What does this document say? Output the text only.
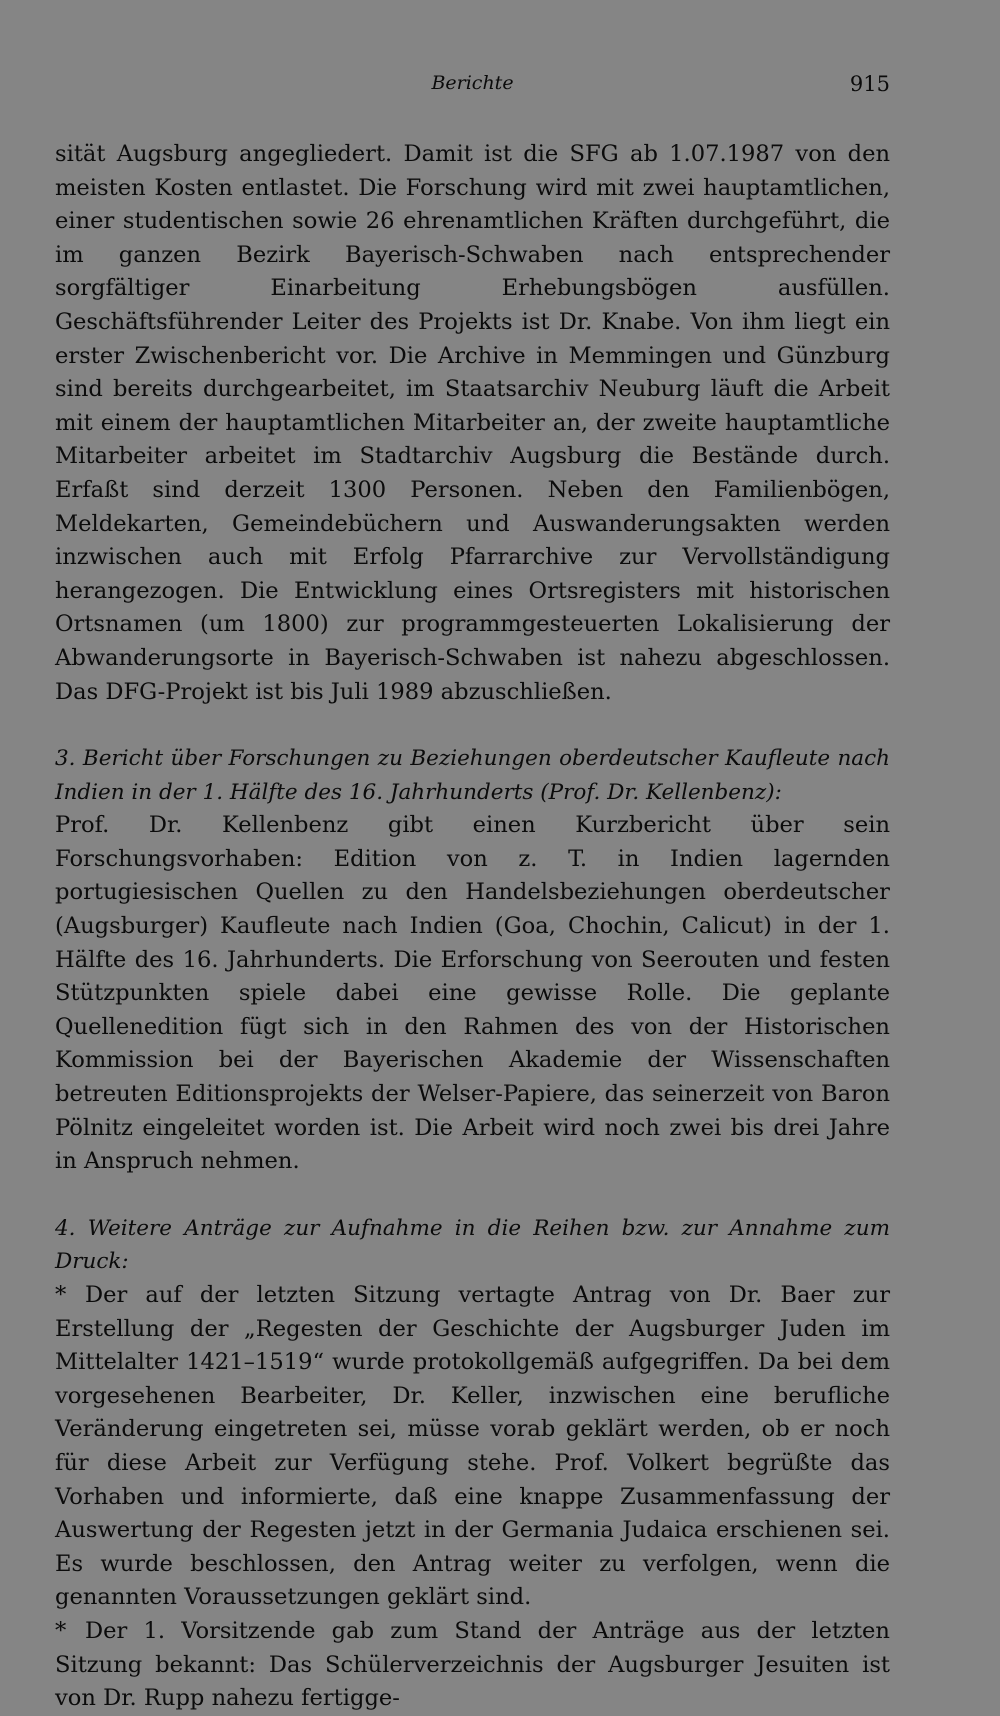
Berichte	915

sität Augsburg angegliedert. Damit ist die SFG ab 1.07.1987 von den meisten Kosten entlastet. Die Forschung wird mit zwei hauptamtlichen, einer studentischen sowie 26 ehrenamtlichen Kräften durchgeführt, die im ganzen Bezirk Bayerisch-Schwaben nach entsprechender sorgfältiger Einarbeitung Erhebungsbögen ausfüllen. Geschäftsführender Leiter des Projekts ist Dr. Knabe. Von ihm liegt ein erster Zwischenbericht vor. Die Archive in Memmingen und Günzburg sind bereits durchgearbeitet, im Staatsarchiv Neuburg läuft die Arbeit mit einem der hauptamtlichen Mitarbeiter an, der zweite hauptamtliche Mitarbeiter arbeitet im Stadtarchiv Augsburg die Bestände durch. Erfaßt sind derzeit 1300 Personen. Neben den Familienbögen, Meldekarten, Gemeindebüchern und Auswanderungsakten werden inzwischen auch mit Erfolg Pfarrarchive zur Vervollständigung herangezogen. Die Entwicklung eines Ortsregisters mit historischen Ortsnamen (um 1800) zur programmgesteuerten Lokalisierung der Abwanderungsorte in Bayerisch-Schwaben ist nahezu abgeschlossen. Das DFG-Projekt ist bis Juli 1989 abzuschließen.

3. Bericht über Forschungen zu Beziehungen oberdeutscher Kaufleute nach Indien in der 1. Hälfte des 16. Jahrhunderts (Prof. Dr. Kellenbenz):

Prof. Dr. Kellenbenz gibt einen Kurzbericht über sein Forschungsvorhaben: Edition von z. T. in Indien lagernden portugiesischen Quellen zu den Handelsbeziehungen oberdeutscher (Augsburger) Kaufleute nach Indien (Goa, Chochin, Calicut) in der 1. Hälfte des 16. Jahrhunderts. Die Erforschung von Seerouten und festen Stützpunkten spiele dabei eine gewisse Rolle. Die geplante Quellenedition fügt sich in den Rahmen des von der Historischen Kommission bei der Bayerischen Akademie der Wissenschaften betreuten Editionsprojekts der Welser-Papiere, das seinerzeit von Baron Pölnitz eingeleitet worden ist. Die Arbeit wird noch zwei bis drei Jahre in Anspruch nehmen.

4. Weitere Anträge zur Aufnahme in die Reihen bzw. zur Annahme zum Druck:

* Der auf der letzten Sitzung vertagte Antrag von Dr. Baer zur Erstellung der „Regesten der Geschichte der Augsburger Juden im Mittelalter 1421–1519“ wurde protokollgemäß aufgegriffen. Da bei dem vorgesehenen Bearbeiter, Dr. Keller, inzwischen eine berufliche Veränderung eingetreten sei, müsse vorab geklärt werden, ob er noch für diese Arbeit zur Verfügung stehe. Prof. Volkert begrüßte das Vorhaben und informierte, daß eine knappe Zusammenfassung der Auswertung der Regesten jetzt in der Germania Judaica erschienen sei. Es wurde beschlossen, den Antrag weiter zu verfolgen, wenn die genannten Voraussetzungen geklärt sind.

* Der 1. Vorsitzende gab zum Stand der Anträge aus der letzten Sitzung bekannt: Das Schülerverzeichnis der Augsburger Jesuiten ist von Dr. Rupp nahezu fertigge-
